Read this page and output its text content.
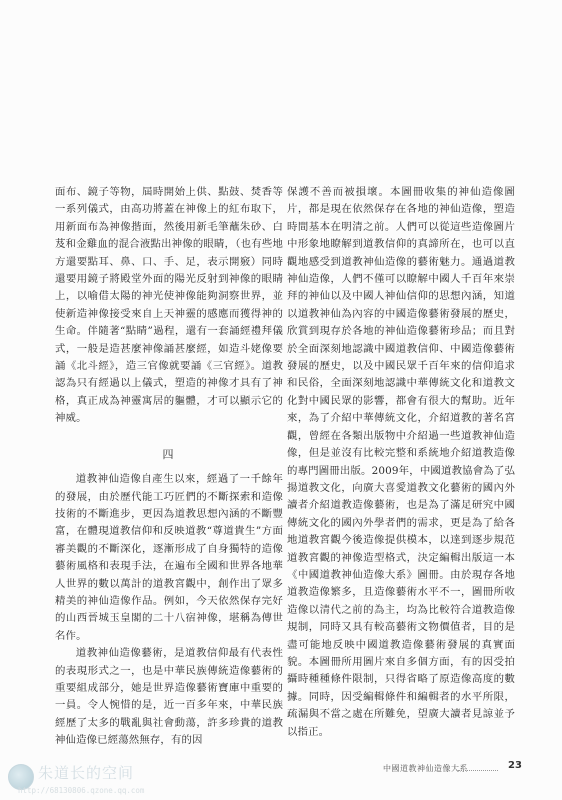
面布、鏡子等物，屆時開始上供、點鼓、焚香等一系列儀式，由高功將蓋在神像上的紅布取下，用新面布為神像揩面，然後用新毛筆蘸朱砂、白芨和金雞血的混合液點出神像的眼睛，（也有些地方還要點耳、鼻、口、手、足，表示開竅）同時還要用鏡子將殿堂外面的陽光反射到神像的眼睛上，以喻借太陽的神光使神像能夠洞察世界，並使新造神像接受來自上天神靈的感應而獲得神的生命。伴隨著“點睛”過程，還有一套誦經禮拜儀式，一般是造甚麼神像誦甚麼經，如造斗姥像要誦《北斗經》，造三官像就要誦《三官經》。道教認為只有經過以上儀式，塑造的神像才具有了神格，真正成為神靈寓居的軀體，才可以顯示它的神威。

四

道教神仙造像自產生以來，經過了一千餘年的發展，由於歷代能工巧匠們的不斷探索和造像技術的不斷進步，更因為道教思想內涵的不斷豐富，在體現道教信仰和反映道教“尊道貴生”方面審美觀的不斷深化，逐漸形成了自身獨特的造像藝術風格和表現手法，在遍布全國和世界各地華人世界的數以萬計的道教宮觀中，創作出了眾多精美的神仙造像作品。例如，今天依然保存完好的山西晉城玉皇閣的二十八宿神像，堪稱為傳世名作。

道教神仙造像藝術，是道教信仰最有代表性的表現形式之一，也是中華民族傳統造像藝術的重要組成部分，她是世界造像藝術寶庫中重要的一員。令人惋惜的是，近一百多年來，中華民族經歷了太多的戰亂與社會動蕩，許多珍貴的道教神仙造像已經蕩然無存，有的因

保護不善而被損壞。本圖冊收集的神仙造像圖片，都是現在依然保存在各地的神仙造像，塑造時間基本在明清之前。人們可以從這些造像圖片中形象地瞭解到道教信仰的真諦所在，也可以直觀地感受到道教神仙造像的藝術魅力。通過道教神仙造像，人們不僅可以瞭解中國人千百年來崇拜的神仙以及中國人神仙信仰的思想內涵，知道以道教神仙為內容的中國造像藝術發展的歷史，欣賞到現存於各地的神仙造像藝術珍品；而且對於全面深刻地認識中國道教信仰、中國造像藝術發展的歷史，以及中國民眾千百年來的信仰追求和民俗，全面深刻地認識中華傳統文化和道教文化對中國民眾的影響，都會有很大的幫助。近年來，為了介紹中華傳統文化，介紹道教的著名宮觀，曾經在各類出版物中介紹過一些道教神仙造像，但是並沒有比較完整和系統地介紹道教造像的專門圖冊出版。2009年，中國道教協會為了弘揚道教文化，向廣大喜愛道教文化藝術的國內外讀者介紹道教造像藝術，也是為了滿足研究中國傳統文化的國內外學者們的需求，更是為了給各地道教宮觀今後造像提供模本，以達到逐步規范道教宮觀的神像造型格式，決定編輯出版這一本《中國道教神仙造像大系》圖冊。由於現存各地道教造像繁多，且造像藝術水平不一，圖冊所收造像以清代之前的為主，均為比較符合道教造像規制，同時又具有較高藝術文物價值者，目的是盡可能地反映中國道教造像藝術發展的真實面貌。本圖冊所用圖片來自多個方面，有的因受拍攝時種種條件限制，只得省略了原造像高度的數據。同時，因受編輯條件和編輯者的水平所限，疏漏與不當之處在所難免，望廣大讀者見諒並予以指正。

朱道长的空间
http://68130806.qzone.qq.com
中國道教神仙造像大系	23
